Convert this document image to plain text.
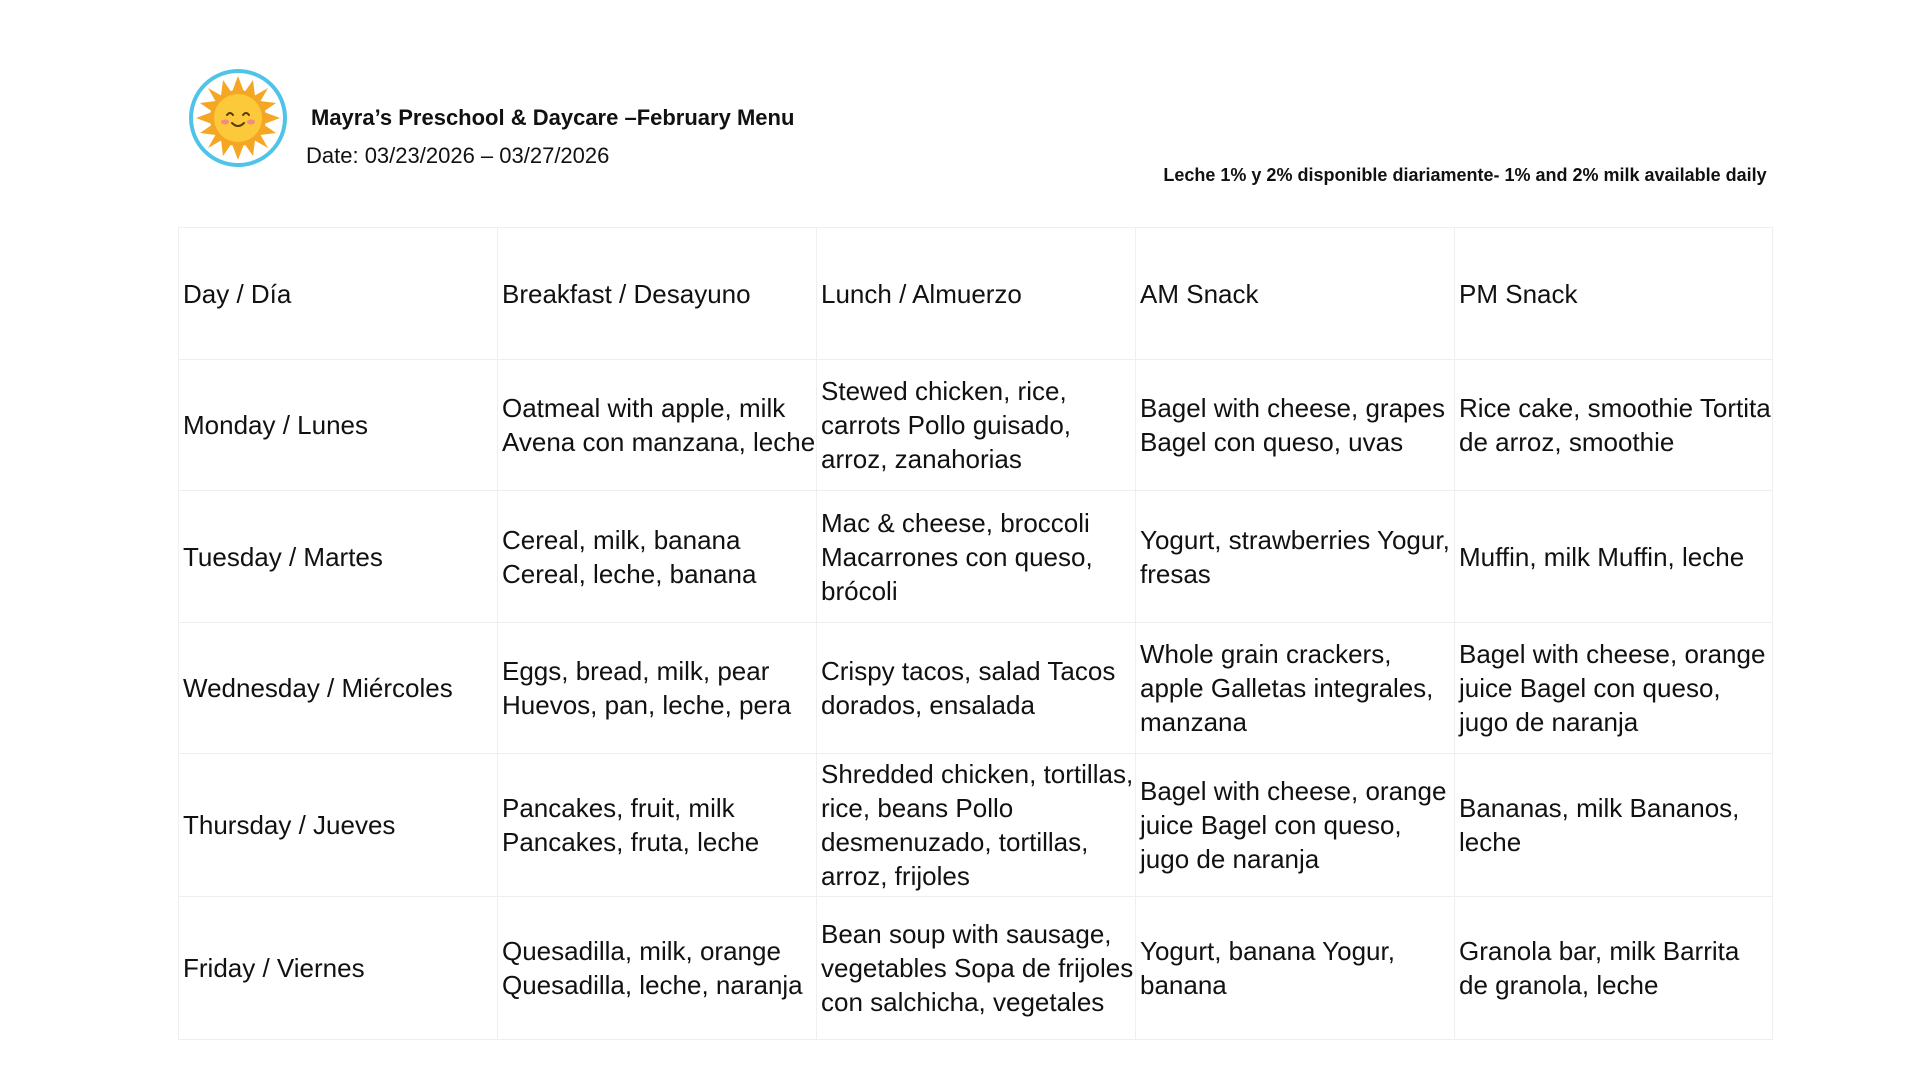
Mayra’s Preschool & Daycare –February Menu
Date: 03/23/2026 – 03/27/2026
Leche 1% y 2% disponible diariamente- 1% and 2% milk available daily
Day / Día	Breakfast / Desayuno	Lunch / Almuerzo	AM Snack	PM Snack
Monday / Lunes	Oatmeal with apple, milk Avena con manzana, leche	Stewed chicken, rice, carrots Pollo guisado, arroz, zanahorias	Bagel with cheese, grapes Bagel con queso, uvas	Rice cake, smoothie Tortita de arroz, smoothie
Tuesday / Martes	Cereal, milk, banana Cereal, leche, banana	Mac & cheese, broccoli Macarrones con queso, brócoli	Yogurt, strawberries Yogur, fresas	Muffin, milk Muffin, leche
Wednesday / Miércoles	Eggs, bread, milk, pear Huevos, pan, leche, pera	Crispy tacos, salad Tacos dorados, ensalada	Whole grain crackers, apple Galletas integrales, manzana	Bagel with cheese, orange juice Bagel con queso, jugo de naranja
Thursday / Jueves	Pancakes, fruit, milk Pancakes, fruta, leche	Shredded chicken, tortillas, rice, beans Pollo desmenuzado, tortillas, arroz, frijoles	Bagel with cheese, orange juice Bagel con queso, jugo de naranja	Bananas, milk Bananos, leche
Friday / Viernes	Quesadilla, milk, orange Quesadilla, leche, naranja	Bean soup with sausage, vegetables Sopa de frijoles con salchicha, vegetales	Yogurt, banana Yogur, banana	Granola bar, milk Barrita de granola, leche
